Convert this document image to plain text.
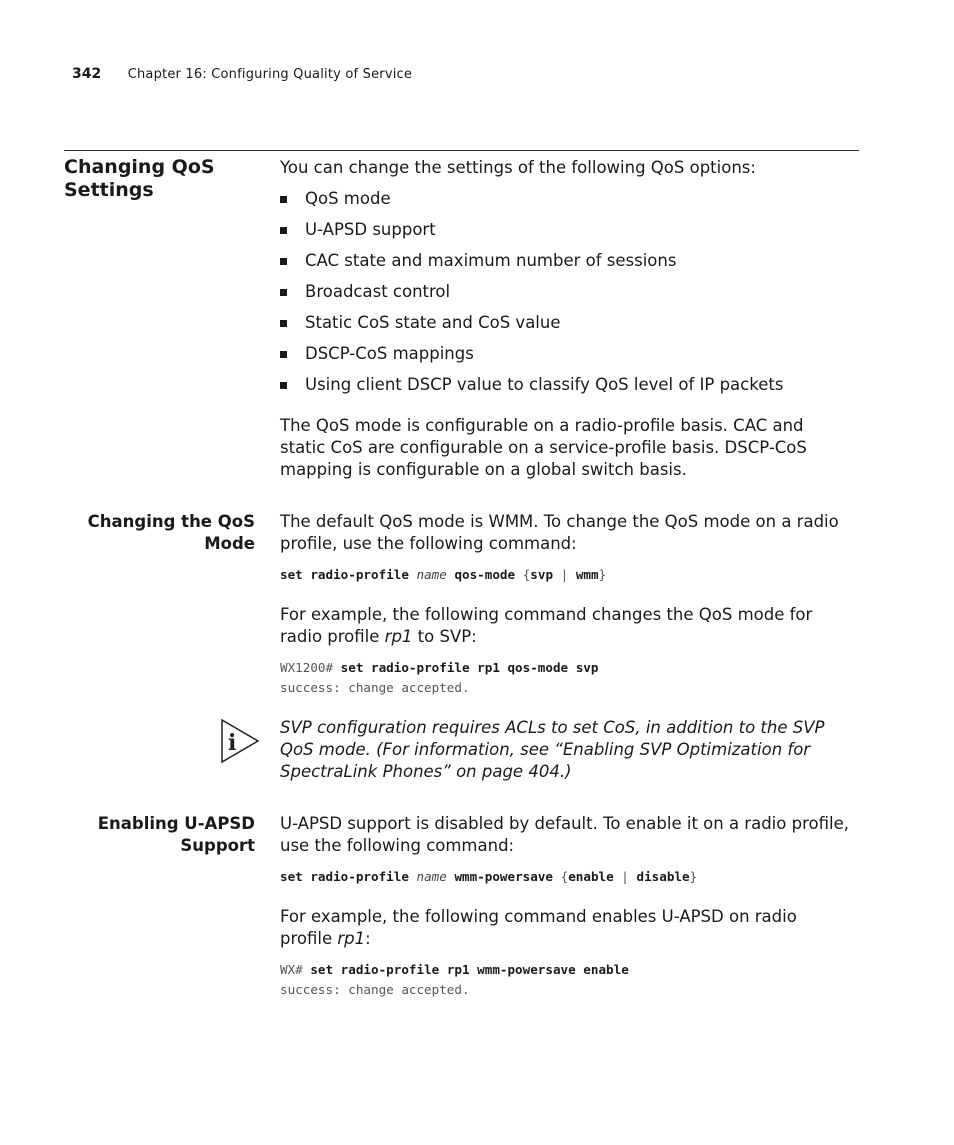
342 Chapter 16: Configuring Quality of Service
Changing QoS Settings
You can change the settings of the following QoS options:
QoS mode
U-APSD support
CAC state and maximum number of sessions
Broadcast control
Static CoS state and CoS value
DSCP-CoS mappings
Using client DSCP value to classify QoS level of IP packets
The QoS mode is configurable on a radio-profile basis. CAC and static CoS are configurable on a service-profile basis. DSCP-CoS mapping is configurable on a global switch basis.
Changing the QoS Mode
The default QoS mode is WMM. To change the QoS mode on a radio profile, use the following command:
set radio-profile name qos-mode {svp | wmm}
For example, the following command changes the QoS mode for radio profile rp1 to SVP:
WX1200# set radio-profile rp1 qos-mode svp
success: change accepted.
i
SVP configuration requires ACLs to set CoS, in addition to the SVP QoS mode. (For information, see “Enabling SVP Optimization for SpectraLink Phones” on page 404.)
Enabling U-APSD Support
U-APSD support is disabled by default. To enable it on a radio profile, use the following command:
set radio-profile name wmm-powersave {enable | disable}
For example, the following command enables U-APSD on radio profile rp1:
WX# set radio-profile rp1 wmm-powersave enable
success: change accepted.
